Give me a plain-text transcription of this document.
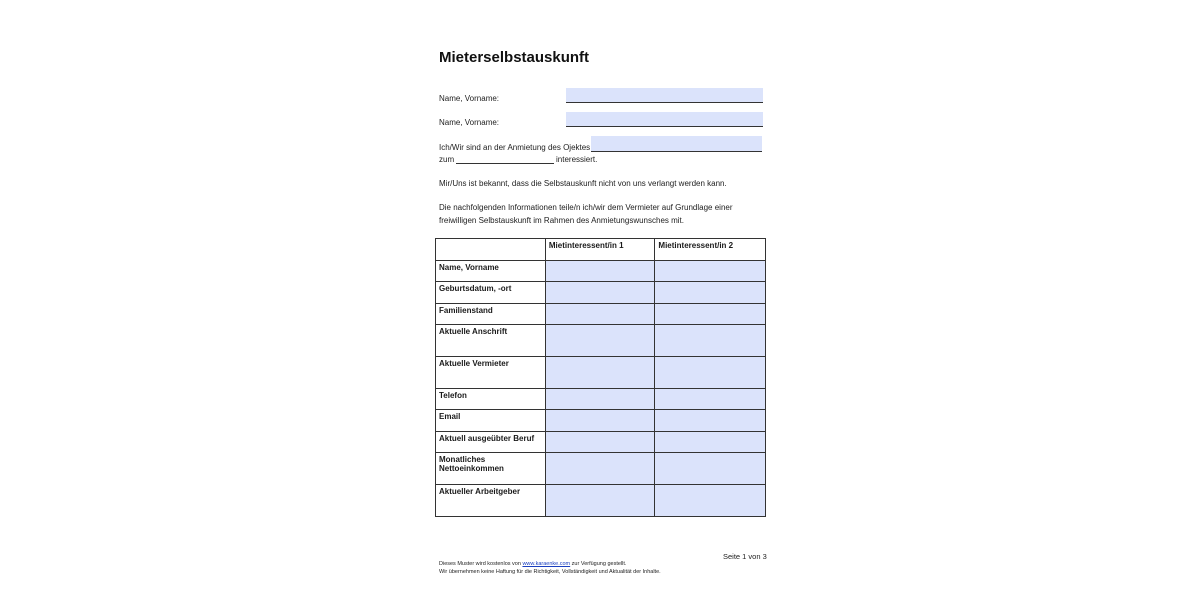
Mieterselbstauskunft
Name, Vorname:
Name, Vorname:
Ich/Wir sind an der Anmietung des Ojektes
zum	interessiert.
Mir/Uns ist bekannt, dass die Selbstauskunft nicht von uns verlangt werden kann.
Die nachfolgenden Informationen teile/n ich/wir dem Vermieter auf Grundlage einer
freiwilligen Selbstauskunft im Rahmen des Anmietungswunsches mit.
	Mietinteressent/in 1	Mietinteressent/in 2
Name, Vorname		
Geburtsdatum, -ort		
Familienstand		
Aktuelle Anschrift		
Aktuelle Vermieter		
Telefon		
Email		
Aktuell ausgeübter Beruf		
Monatliches Nettoeinkommen		
Aktueller Arbeitgeber		
Seite 1 von 3
Dieses Muster wird kostenlos von www.karaenke.com zur Verfügung gestellt.
Wir übernehmen keine Haftung für die Richtigkeit, Vollständigkeit und Aktualität der Inhalte.
